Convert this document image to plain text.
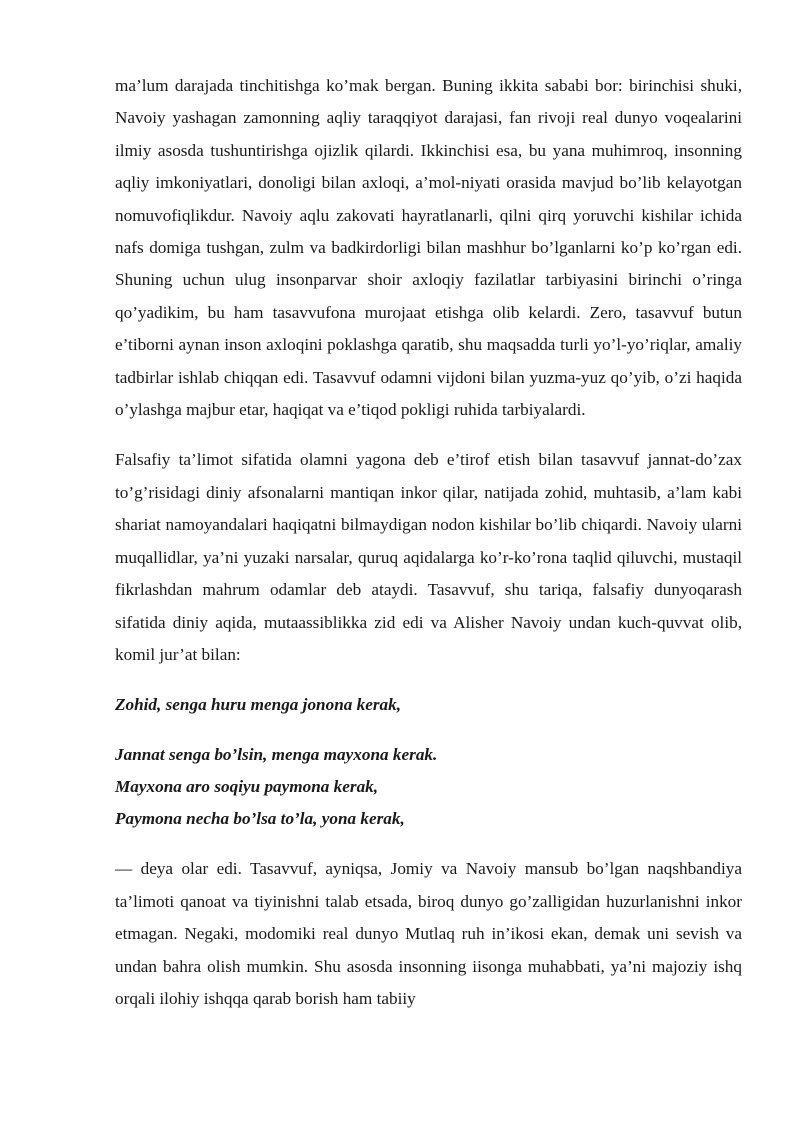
ma’lum darajada tinchitishga ko’mak bergan. Buning ikkita sababi bor: birinchisi shuki, Navoiy yashagan zamonning aqliy taraqqiyot darajasi, fan rivoji real dunyo voqealarini ilmiy asosda tushuntirishga ojizlik qilardi. Ikkinchisi esa, bu yana muhimroq, insonning aqliy imkoniyatlari, donoligi bilan axloqi, a’mol-niyati orasida mavjud bo’lib kelayotgan nomuvofiqlikdur. Navoiy aqlu zakovati hayratlanarli, qilni qirq yoruvchi kishilar ichida nafs domiga tushgan, zulm va badkirdorligi bilan mashhur bo’lganlarni ko’p ko’rgan edi. Shuning uchun ulug insonparvar shoir axloqiy fazilatlar tarbiyasini birinchi o’ringa qo’yadikim, bu ham tasavvufona murojaat etishga olib kelardi. Zero, tasavvuf butun e’tiborni aynan inson axloqini poklashga qaratib, shu maqsadda turli yo’l-yo’riqlar, amaliy tadbirlar ishlab chiqqan edi. Tasavvuf odamni vijdoni bilan yuzma-yuz qo’yib, o’zi haqida o’ylashga majbur etar, haqiqat va e’tiqod pokligi ruhida tarbiyalardi.

Falsafiy ta’limot sifatida olamni yagona deb e’tirof etish bilan tasavvuf jannat-do’zax to’g’risidagi diniy afsonalarni mantiqan inkor qilar, natijada zohid, muhtasib, a’lam kabi shariat namoyandalari haqiqatni bilmaydigan nodon kishilar bo’lib chiqardi. Navoiy ularni muqallidlar, ya’ni yuzaki narsalar, quruq aqidalarga ko’r-ko’rona taqlid qiluvchi, mustaqil fikrlashdan mahrum odamlar deb ataydi. Tasavvuf, shu tariqa, falsafiy dunyoqarash sifatida diniy aqida, mutaassiblikka zid edi va Alisher Navoiy undan kuch-quvvat olib, komil jur’at bilan:

Zohid, senga huru menga jonona kerak,

Jannat senga bo’lsin, menga mayxona kerak.

Mayxona aro soqiyu paymona kerak,

Paymona necha bo’lsa to’la, yona kerak,

— deya olar edi. Tasavvuf, ayniqsa, Jomiy va Navoiy mansub bo’lgan naqshbandiya ta’limoti qanoat va tiyinishni talab etsada, biroq dunyo go’zalligidan huzurlanishni inkor etmagan. Negaki, modomiki real dunyo Mutlaq ruh in’ikosi ekan, demak uni sevish va undan bahra olish mumkin. Shu asosda insonning iisonga muhabbati, ya’ni majoziy ishq orqali ilohiy ishqqa qarab borish ham tabiiy
